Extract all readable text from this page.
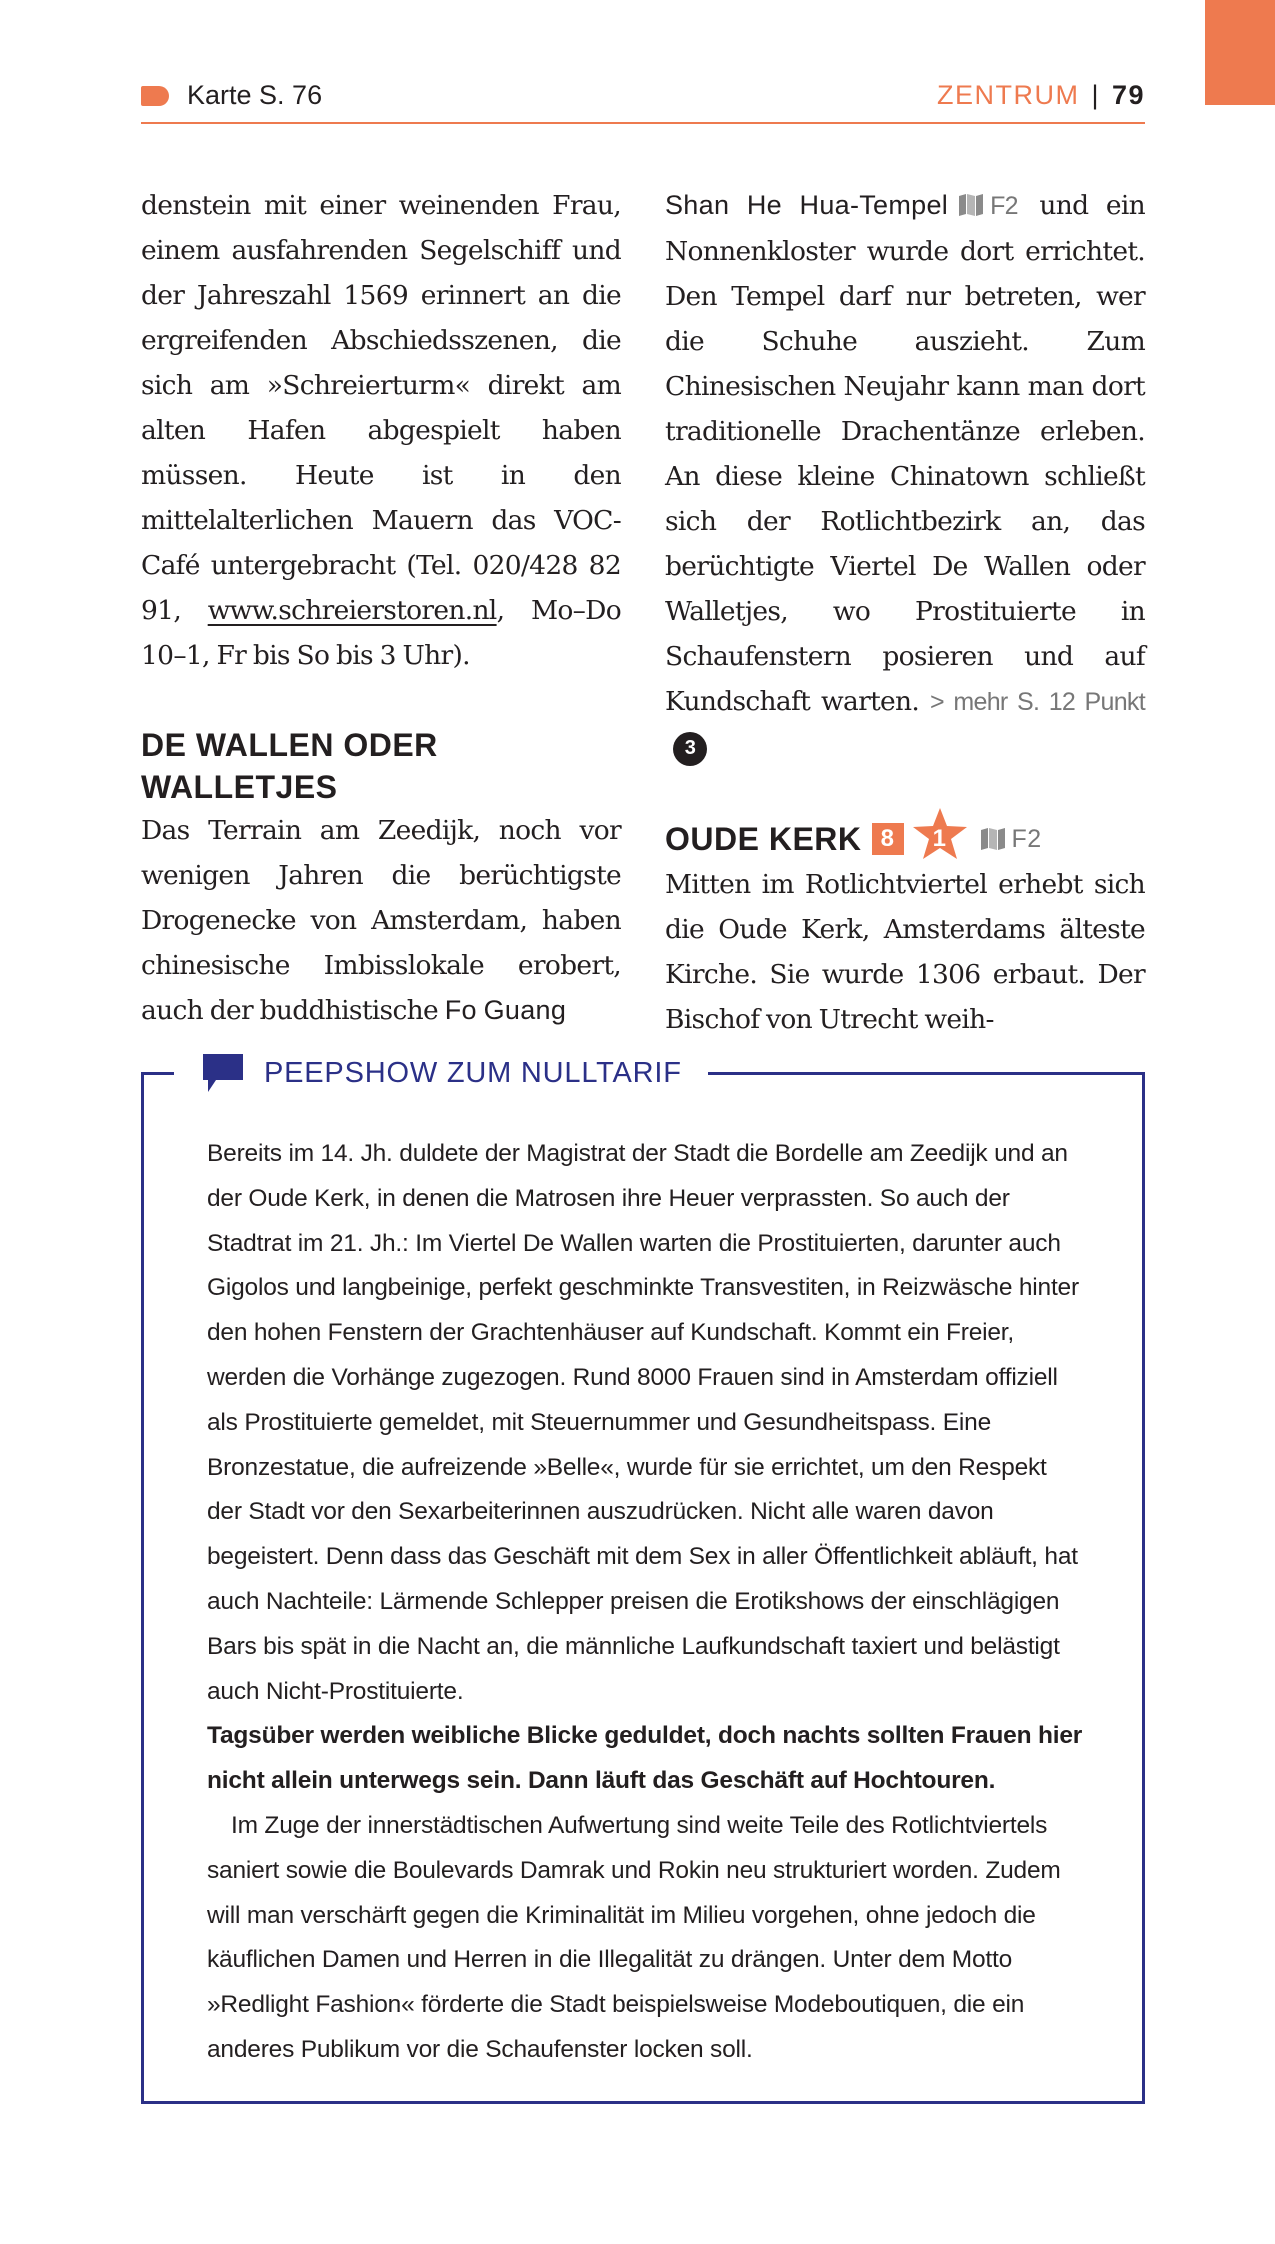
Karte S. 76	ZENTRUM | 79

denstein mit einer weinenden Frau, einem ausfahrenden Segelschiff und der Jahreszahl 1569 erinnert an die ergreifenden Abschiedsszenen, die sich am »Schreierturm« direkt am alten Hafen abgespielt haben müssen. Heute ist in den mittelalterlichen Mauern das VOC-Café untergebracht (Tel. 020/428 82 91, www.schreierstoren.nl, Mo–Do 10–1, Fr bis So bis 3 Uhr).

DE WALLEN ODER WALLETJES

Das Terrain am Zeedijk, noch vor wenigen Jahren die berüchtigste Drogenecke von Amsterdam, haben chinesische Imbisslokale erobert, auch der buddhistische Fo Guang

Shan He Hua-Tempel F2 und ein Nonnenkloster wurde dort errichtet. Den Tempel darf nur betreten, wer die Schuhe auszieht. Zum Chinesischen Neujahr kann man dort traditionelle Drachentänze erleben. An diese kleine Chinatown schließt sich der Rotlichtbezirk an, das berüchtigte Viertel De Wallen oder Walletjes, wo Prostituierte in Schaufenstern posieren und auf Kundschaft warten. > mehr S. 12 Punkt3

OUDE KERK 8	1	F2

Mitten im Rotlichtviertel erhebt sich die Oude Kerk, Amsterdams älteste Kirche. Sie wurde 1306 erbaut. Der Bischof von Utrecht weih-

PEEPSHOW ZUM NULLTARIF

Bereits im 14. Jh. duldete der Magistrat der Stadt die Bordelle am Zeedijk und an der Oude Kerk, in denen die Matrosen ihre Heuer verprassten. So auch der Stadtrat im 21. Jh.: Im Viertel De Wallen warten die Prostituierten, darunter auch Gigolos und langbeinige, perfekt geschminkte Transvestiten, in Reizwäsche hinter den hohen Fenstern der Grachtenhäuser auf Kundschaft. Kommt ein Freier, werden die Vorhänge zugezogen. Rund 8000 Frauen sind in Amsterdam offiziell als Prostituierte gemeldet, mit Steuernummer und Gesundheitspass. Eine Bronzestatue, die aufreizende »Belle«, wurde für sie errichtet, um den Respekt der Stadt vor den Sexarbeiterinnen auszudrücken. Nicht alle waren davon begeistert. Denn dass das Geschäft mit dem Sex in aller Öffentlichkeit abläuft, hat auch Nachteile: Lärmende Schlepper preisen die Erotikshows der einschlägigen Bars bis spät in die Nacht an, die männliche Laufkundschaft taxiert und belästigt auch Nicht-Prostituierte.

Tagsüber werden weibliche Blicke geduldet, doch nachts sollten Frauen hier nicht allein unterwegs sein. Dann läuft das Geschäft auf Hochtouren.

Im Zuge der innerstädtischen Aufwertung sind weite Teile des Rotlichtviertels saniert sowie die Boulevards Damrak und Rokin neu strukturiert worden. Zudem will man verschärft gegen die Kriminalität im Milieu vorgehen, ohne jedoch die käuflichen Damen und Herren in die Illegalität zu drängen. Unter dem Motto »Redlight Fashion« förderte die Stadt beispielsweise Modeboutiquen, die ein anderes Publikum vor die Schaufenster locken soll.
